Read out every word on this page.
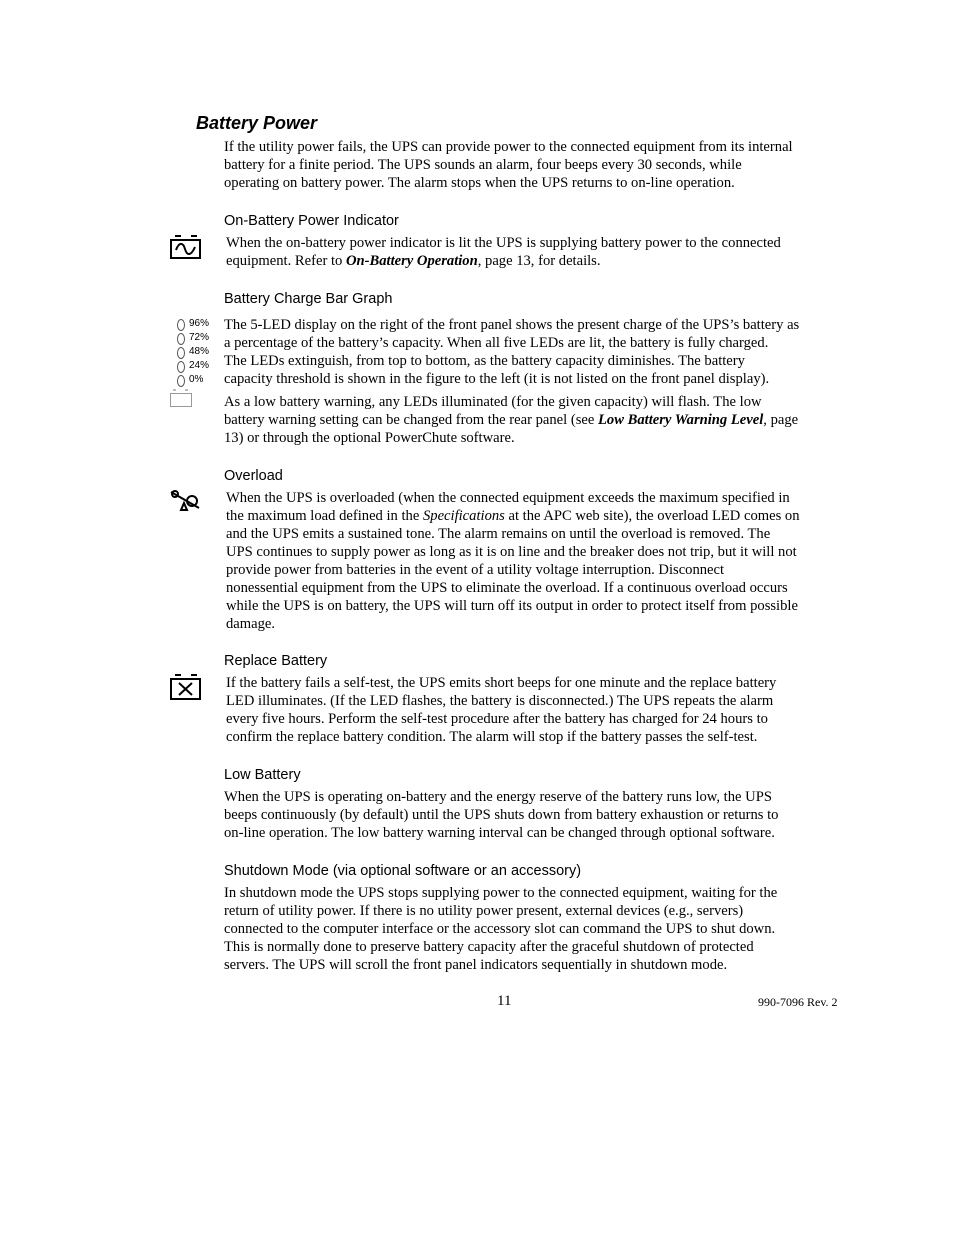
Battery Power
If the utility power fails, the UPS can provide power to the connected equipment from its internal
battery for a finite period. The UPS sounds an alarm, four beeps every 30 seconds, while
operating on battery power. The alarm stops when the UPS returns to on-line operation.
On-Battery Power Indicator
When the on-battery power indicator is lit the UPS is supplying battery power to the connected
equipment. Refer to On-Battery Operation, page 13, for details.
Battery Charge Bar Graph
96%
72%
48%
24%
0%
The 5-LED display on the right of the front panel shows the present charge of the UPS’s battery as
a percentage of the battery’s capacity. When all five LEDs are lit, the battery is fully charged.
The LEDs extinguish, from top to bottom, as the battery capacity diminishes. The battery
capacity threshold is shown in the figure to the left (it is not listed on the front panel display).
As a low battery warning, any LEDs illuminated (for the given capacity) will flash. The low
battery warning setting can be changed from the rear panel (see Low Battery Warning Level, page
13) or through the optional PowerChute software.
Overload
When the UPS is overloaded (when the connected equipment exceeds the maximum specified in
the maximum load defined in the Specifications at the APC web site), the overload LED comes on
and the UPS emits a sustained tone. The alarm remains on until the overload is removed. The
UPS continues to supply power as long as it is on line and the breaker does not trip, but it will not
provide power from batteries in the event of a utility voltage interruption. Disconnect
nonessential equipment from the UPS to eliminate the overload. If a continuous overload occurs
while the UPS is on battery, the UPS will turn off its output in order to protect itself from possible
damage.
Replace Battery
If the battery fails a self-test, the UPS emits short beeps for one minute and the replace battery
LED illuminates. (If the LED flashes, the battery is disconnected.) The UPS repeats the alarm
every five hours. Perform the self-test procedure after the battery has charged for 24 hours to
confirm the replace battery condition. The alarm will stop if the battery passes the self-test.
Low Battery
When the UPS is operating on-battery and the energy reserve of the battery runs low, the UPS
beeps continuously (by default) until the UPS shuts down from battery exhaustion or returns to
on-line operation. The low battery warning interval can be changed through optional software.
Shutdown Mode (via optional software or an accessory)
In shutdown mode the UPS stops supplying power to the connected equipment, waiting for the
return of utility power. If there is no utility power present, external devices (e.g., servers)
connected to the computer interface or the accessory slot can command the UPS to shut down.
This is normally done to preserve battery capacity after the graceful shutdown of protected
servers. The UPS will scroll the front panel indicators sequentially in shutdown mode.
11	990-7096 Rev. 2
